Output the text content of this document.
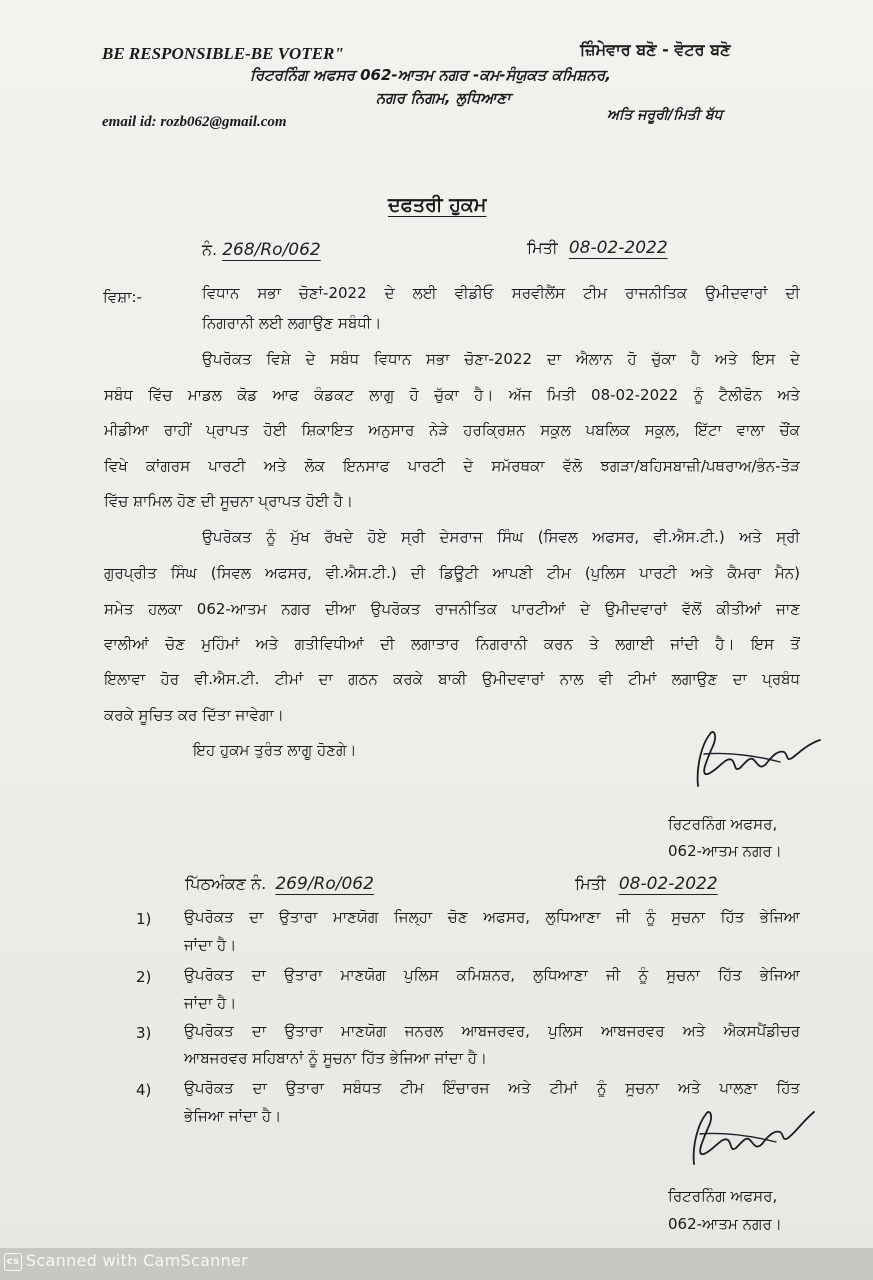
BE RESPONSIBLE-BE VOTER"	ਜ਼ਿੰਮੇਵਾਰ ਬਣੋ - ਵੋਟਰ ਬਣੋ
ਰਿਟਰਨਿੰਗ ਅਫਸਰ 062-ਆਤਮ ਨਗਰ -ਕਮ-ਸੰਯੁਕਤ ਕਮਿਸ਼ਨਰ,
ਨਗਰ ਨਿਗਮ, ਲੁਧਿਆਣਾ
email id: rozb062@gmail.com	ਅਤਿ ਜਰੂਰੀ/ਮਿਤੀ ਬੱਧ
ਦਫਤਰੀ ਹੁਕਮ
ਨੰ. 268/Ro/062	ਮਿਤੀ 08-02-2022
ਵਿਸ਼ਾ:-	ਵਿਧਾਨ ਸਭਾ ਚੋਣਾਂ-2022 ਦੇ ਲਈ ਵੀਡੀਓ ਸਰਵੀਲੈਂਸ ਟੀਮ ਰਾਜਨੀਤਿਕ ਉਮੀਦਵਾਰਾਂ ਦੀ
ਨਿਗਰਾਨੀ ਲਈ ਲਗਾਉਣ ਸਬੰਧੀ।
ਉਪਰੋਕਤ ਵਿਸ਼ੇ ਦੇ ਸਬੰਧ ਵਿਧਾਨ ਸਭਾ ਚੋਣਾ-2022 ਦਾ ਐਲਾਨ ਹੋ ਚੁੱਕਾ ਹੈ ਅਤੇ ਇਸ ਦੇ
ਸਬੰਧ ਵਿੱਚ ਮਾਡਲ ਕੋਡ ਆਫ ਕੰਡਕਟ ਲਾਗੂ ਹੋ ਚੁੱਕਾ ਹੈ। ਅੱਜ ਮਿਤੀ 08-02-2022 ਨੂੰ ਟੈਲੀਫੋਨ ਅਤੇ
ਮੀਡੀਆ ਰਾਹੀਂ ਪ੍ਰਾਪਤ ਹੋਈ ਸ਼ਿਕਾਇਤ ਅਨੁਸਾਰ ਨੇੜੇ ਹਰਕ੍ਰਿਸ਼ਨ ਸਕੂਲ ਪਬਲਿਕ ਸਕੂਲ, ਇੱਟਾ ਵਾਲਾ ਚੌਂਕ
ਵਿਖੇ ਕਾਂਗਰਸ ਪਾਰਟੀ ਅਤੇ ਲੋਕ ਇਨਸਾਫ ਪਾਰਟੀ ਦੇ ਸਮੱਰਥਕਾ ਵੱਲੋ ਝਗੜਾ/ਬਹਿਸਬਾਜ਼ੀ/ਪਥਰਾਅ/ਭੰਨ-ਤੋੜ
ਵਿੱਚ ਸ਼ਾਮਿਲ ਹੋਣ ਦੀ ਸੂਚਨਾ ਪ੍ਰਾਪਤ ਹੋਈ ਹੈ।
ਉਪਰੋਕਤ ਨੂੰ ਮੁੱਖ ਰੱਖਦੇ ਹੋਏ ਸ੍ਰੀ ਦੇਸਰਾਜ ਸਿੰਘ (ਸਿਵਲ ਅਫਸਰ, ਵੀ.ਐਸ.ਟੀ.) ਅਤੇ ਸ੍ਰੀ
ਗੁਰਪ੍ਰੀਤ ਸਿੰਘ (ਸਿਵਲ ਅਫਸਰ, ਵੀ.ਐਸ.ਟੀ.) ਦੀ ਡਿਊਟੀ ਆਪਣੀ ਟੀਮ (ਪੁਲਿਸ ਪਾਰਟੀ ਅਤੇ ਕੈਮਰਾ ਮੈਨ)
ਸਮੇਤ ਹਲਕਾ 062-ਆਤਮ ਨਗਰ ਦੀਆ ਉਪਰੋਕਤ ਰਾਜਨੀਤਿਕ ਪਾਰਟੀਆਂ ਦੇ ਉਮੀਦਵਾਰਾਂ ਵੱਲੋਂ ਕੀਤੀਆਂ ਜਾਣ
ਵਾਲੀਆਂ ਚੋਣ ਮੁਹਿੰਮਾਂ ਅਤੇ ਗਤੀਵਿਧੀਆਂ ਦੀ ਲਗਾਤਾਰ ਨਿਗਰਾਨੀ ਕਰਨ ਤੇ ਲਗਾਈ ਜਾਂਦੀ ਹੈ। ਇਸ ਤੋਂ
ਇਲਾਵਾ ਹੋਰ ਵੀ.ਐਸ.ਟੀ. ਟੀਮਾਂ ਦਾ ਗਠਨ ਕਰਕੇ ਬਾਕੀ ਉਮੀਦਵਾਰਾਂ ਨਾਲ ਵੀ ਟੀਮਾਂ ਲਗਾਉਣ ਦਾ ਪ੍ਰਬੰਧ
ਕਰਕੇ ਸੂਚਿਤ ਕਰ ਦਿੱਤਾ ਜਾਵੇਗਾ।
ਇਹ ਹੁਕਮ ਤੁਰੰਤ ਲਾਗੂ ਹੋਣਗੇ।
ਰਿਟਰਨਿੰਗ ਅਫਸਰ,
062-ਆਤਮ ਨਗਰ।
ਪਿੱਠਅੰਕਣ ਨੰ. 269/Ro/062	ਮਿਤੀ 08-02-2022
1) ਉਪਰੋਕਤ ਦਾ ਉਤਾਰਾ ਮਾਣਯੋਗ ਜਿਲ੍ਹਾ ਚੋਣ ਅਫਸਰ, ਲੁਧਿਆਣਾ ਜੀ ਨੂੰ ਸੂਚਨਾ ਹਿੱਤ ਭੇਜਿਆ
ਜਾਂਦਾ ਹੈ।
2) ਉਪਰੋਕਤ ਦਾ ਉਤਾਰਾ ਮਾਣਯੋਗ ਪੁਲਿਸ ਕਮਿਸ਼ਨਰ, ਲੁਧਿਆਣਾ ਜੀ ਨੂੰ ਸੂਚਨਾ ਹਿੱਤ ਭੇਜਿਆ
ਜਾਂਦਾ ਹੈ।
3) ਉਪਰੋਕਤ ਦਾ ਉਤਾਰਾ ਮਾਣਯੋਗ ਜਨਰਲ ਆਬਜਰਵਰ, ਪੁਲਿਸ ਆਬਜਰਵਰ ਅਤੇ ਐਕਸਪੈਂਡੀਚਰ
ਆਬਜਰਵਰ ਸਹਿਬਾਨਾਂ ਨੂੰ ਸੂਚਨਾ ਹਿੱਤ ਭੇਜਿਆ ਜਾਂਦਾ ਹੈ।
4) ਉਪਰੋਕਤ ਦਾ ਉਤਾਰਾ ਸਬੰਧਤ ਟੀਮ ਇੰਚਾਰਜ ਅਤੇ ਟੀਮਾਂ ਨੂੰ ਸੂਚਨਾ ਅਤੇ ਪਾਲਣਾ ਹਿੱਤ
ਭੇਜਿਆ ਜਾਂਦਾ ਹੈ।
ਰਿਟਰਨਿੰਗ ਅਫਸਰ,
062-ਆਤਮ ਨਗਰ।
cs Scanned with CamScanner
